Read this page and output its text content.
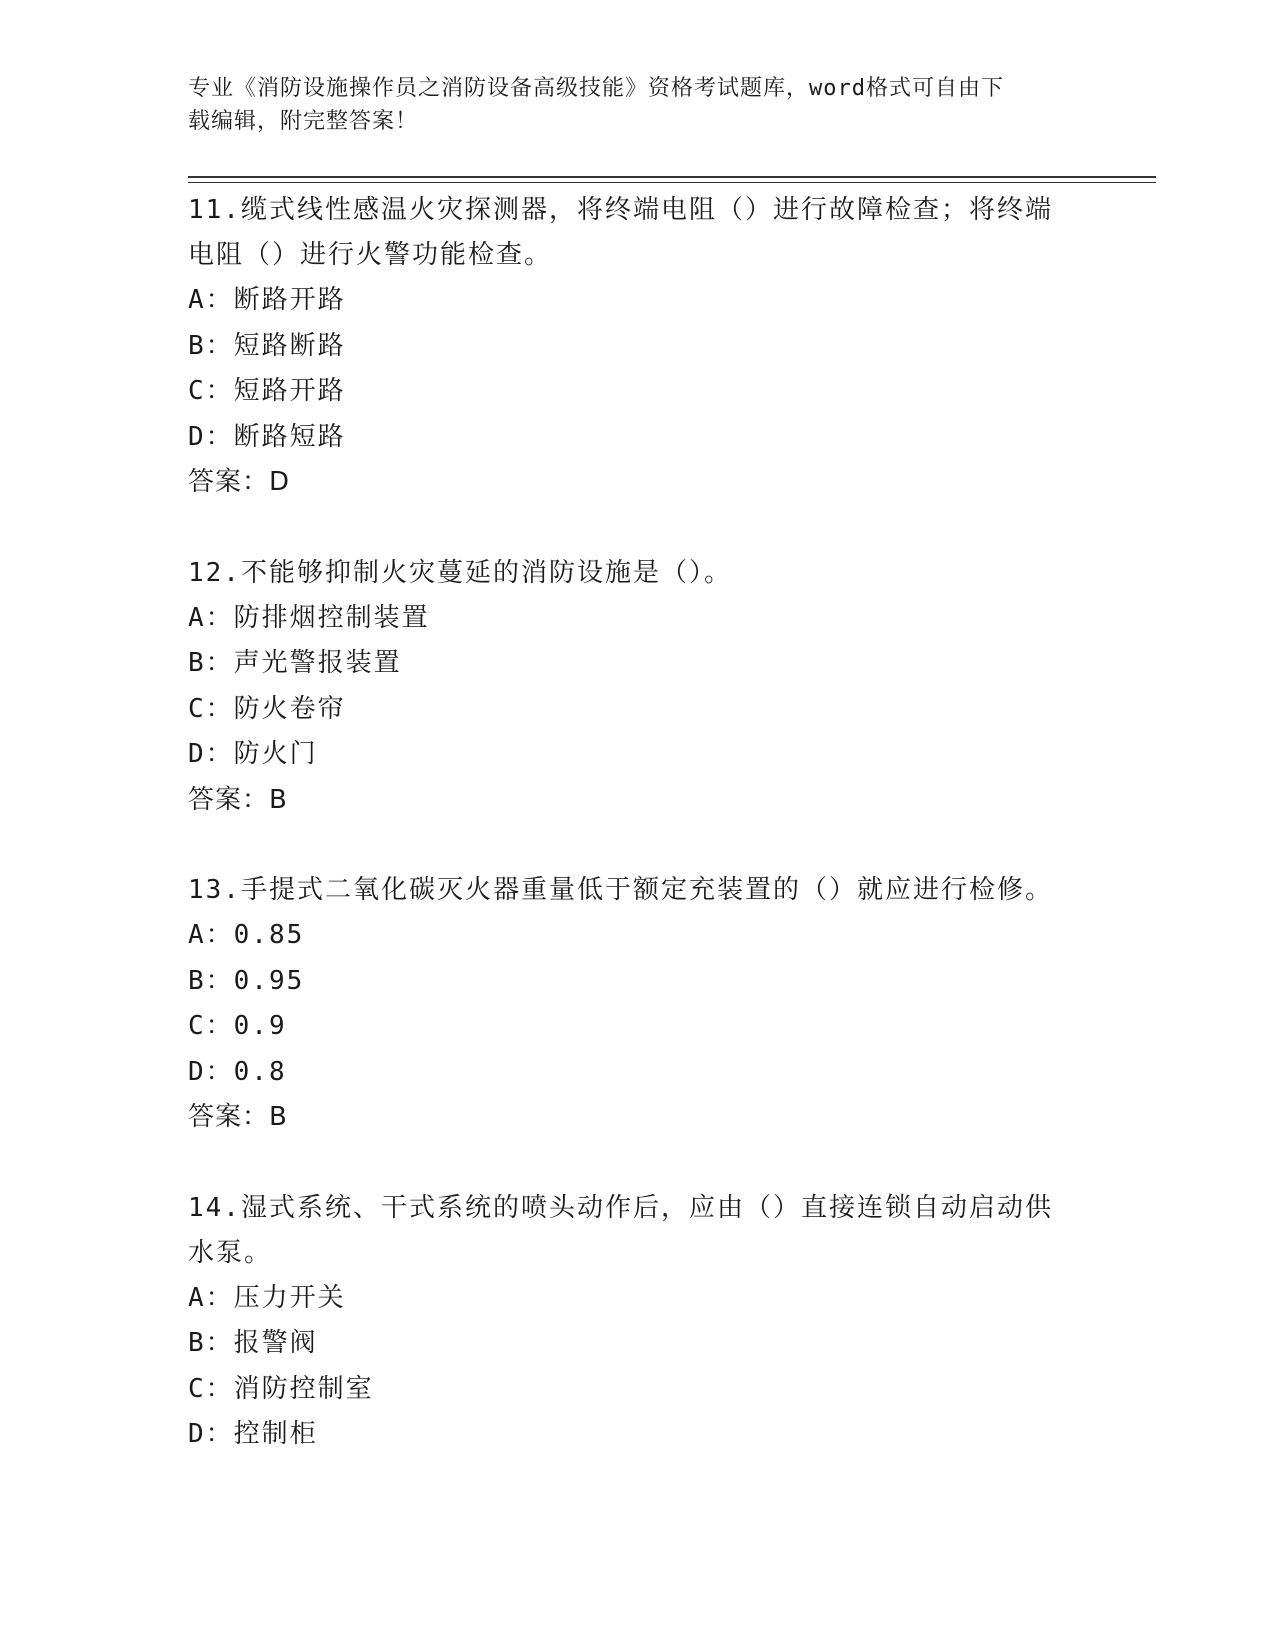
专业《消防设施操作员之消防设备高级技能》资格考试题库，word格式可自由下
载编辑，附完整答案！

11.缆式线性感温火灾探测器，将终端电阻（）进行故障检查；将终端

电阻（）进行火警功能检查。

A：断路开路

B：短路断路

C：短路开路

D：断路短路

答案：D

12.不能够抑制火灾蔓延的消防设施是（）。

A：防排烟控制装置

B：声光警报装置

C：防火卷帘

D：防火门

答案：B

13.手提式二氧化碳灭火器重量低于额定充装置的（）就应进行检修。

A：0.85

B：0.95

C：0.9

D：0.8

答案：B

14.湿式系统、干式系统的喷头动作后，应由（）直接连锁自动启动供

水泵。

A：压力开关

B：报警阀

C：消防控制室

D：控制柜
